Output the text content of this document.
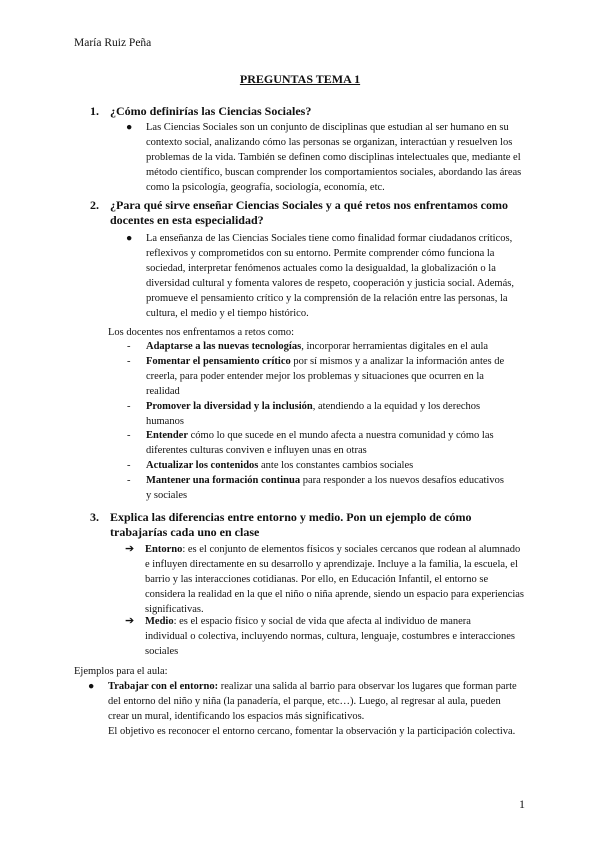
María Ruiz Peña
PREGUNTAS TEMA 1
1. ¿Cómo definirías las Ciencias Sociales?
● Las Ciencias Sociales son un conjunto de disciplinas que estudian al ser humano en su contexto social, analizando cómo las personas se organizan, interactúan y resuelven los problemas de la vida. También se definen como disciplinas intelectuales que, mediante el método científico, buscan comprender los comportamientos sociales, abordando las áreas como la psicología, geografía, sociología, economía, etc.
2. ¿Para qué sirve enseñar Ciencias Sociales y a qué retos nos enfrentamos como docentes en esta especialidad?
● La enseñanza de las Ciencias Sociales tiene como finalidad formar ciudadanos críticos, reflexivos y comprometidos con su entorno. Permite comprender cómo funciona la sociedad, interpretar fenómenos actuales como la desigualdad, la globalización o la diversidad cultural y fomenta valores de respeto, cooperación y justicia social. Además, promueve el pensamiento crítico y la comprensión de la relación entre las personas, la cultura, el medio y el tiempo histórico.
Los docentes nos enfrentamos a retos como:
- Adaptarse a las nuevas tecnologías, incorporar herramientas digitales en el aula
- Fomentar el pensamiento crítico por sí mismos y a analizar la información antes de creerla, para poder entender mejor los problemas y situaciones que ocurren en la realidad
- Promover la diversidad y la inclusión, atendiendo a la equidad y los derechos humanos
- Entender cómo lo que sucede en el mundo afecta a nuestra comunidad y cómo las diferentes culturas conviven e influyen unas en otras
- Actualizar los contenidos ante los constantes cambios sociales
- Mantener una formación continua para responder a los nuevos desafíos educativos y sociales
3. Explica las diferencias entre entorno y medio. Pon un ejemplo de cómo trabajarías cada uno en clase
➔ Entorno: es el conjunto de elementos físicos y sociales cercanos que rodean al alumnado e influyen directamente en su desarrollo y aprendizaje. Incluye a la familia, la escuela, el barrio y las interacciones cotidianas. Por ello, en Educación Infantil, el entorno se considera la realidad en la que el niño o niña aprende, siendo un espacio para experiencias significativas.
➔ Medio: es el espacio físico y social de vida que afecta al individuo de manera individual o colectiva, incluyendo normas, cultura, lenguaje, costumbres e interacciones sociales
Ejemplos para el aula:
● Trabajar con el entorno: realizar una salida al barrio para observar los lugares que forman parte del entorno del niño y niña (la panadería, el parque, etc…). Luego, al regresar al aula, pueden crear un mural, identificando los espacios más significativos.
El objetivo es reconocer el entorno cercano, fomentar la observación y la participación colectiva.
1
